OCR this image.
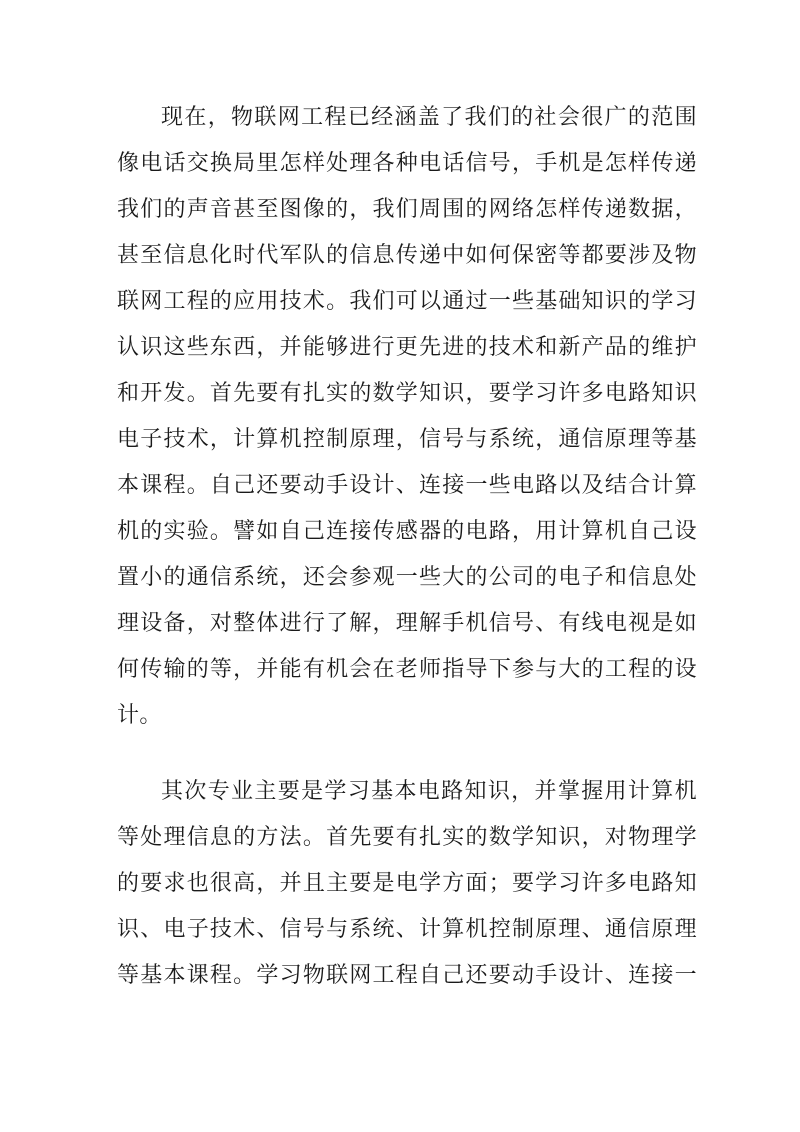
现在，物联网工程已经涵盖了我们的社会很广的范围
像电话交换局里怎样处理各种电话信号，手机是怎样传递
我们的声音甚至图像的，我们周围的网络怎样传递数据，
甚至信息化时代军队的信息传递中如何保密等都要涉及物
联网工程的应用技术。我们可以通过一些基础知识的学习
认识这些东西，并能够进行更先进的技术和新产品的维护
和开发。首先要有扎实的数学知识，要学习许多电路知识
电子技术，计算机控制原理，信号与系统，通信原理等基
本课程。自己还要动手设计、连接一些电路以及结合计算
机的实验。譬如自己连接传感器的电路，用计算机自己设
置小的通信系统，还会参观一些大的公司的电子和信息处
理设备，对整体进行了解，理解手机信号、有线电视是如
何传输的等，并能有机会在老师指导下参与大的工程的设
计。
其次专业主要是学习基本电路知识，并掌握用计算机
等处理信息的方法。首先要有扎实的数学知识，对物理学
的要求也很高，并且主要是电学方面；要学习许多电路知
识、电子技术、信号与系统、计算机控制原理、通信原理
等基本课程。学习物联网工程自己还要动手设计、连接一
